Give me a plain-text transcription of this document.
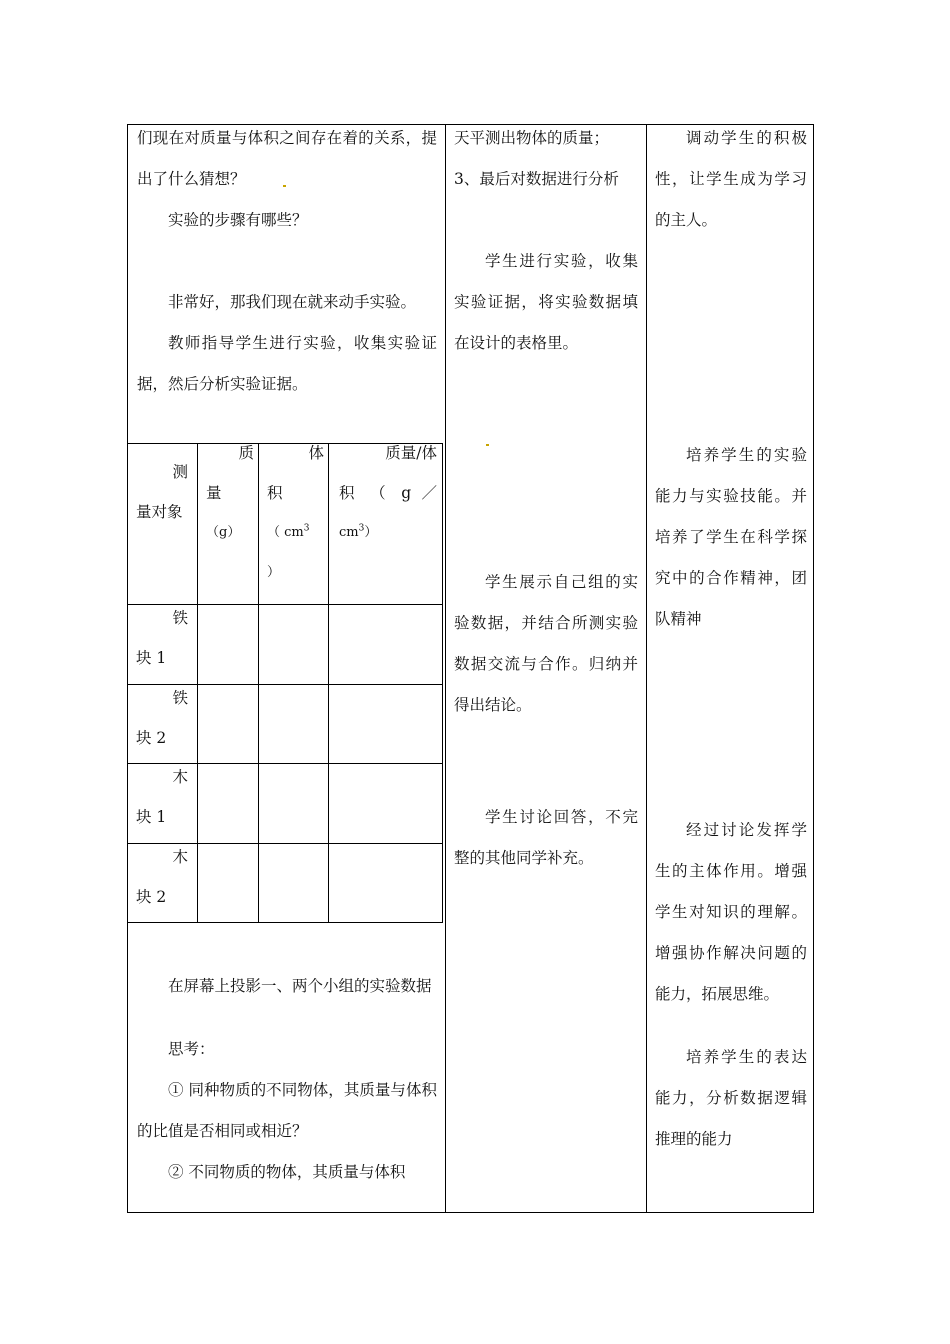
们现在对质量与体积之间存在着的关系，提出了什么猜想？

实验的步骤有哪些？

非常好，那我们现在就来动手实验。

教师指导学生进行实验，收集实验证据，然后分析实验证据。

测
量对象
质
量
（g）
体
积
（ $cm^3$
）
质量/体
积 （ g ／
$cm^3$）
铁
块 1
铁
块 2
木
块 1
木
块 2

在屏幕上投影一、两个小组的实验数据

思考：

① 同种物质的不同物体，其质量与体积的比值是否相同或相近？

② 不同物质的物体，其质量与体积

天平测出物体的质量；

3、最后对数据进行分析

学生进行实验，收集实验证据，将实验数据填在设计的表格里。

学生展示自己组的实验数据，并结合所测实验数据交流与合作。归纳并得出结论。

学生讨论回答，不完整的其他同学补充。

调动学生的积极性，让学生成为学习的主人。

培养学生的实验能力与实验技能。并培养了学生在科学探究中的合作精神，团队精神

经过讨论发挥学生的主体作用。增强学生对知识的理解。增强协作解决问题的能力，拓展思维。

培养学生的表达能力，分析数据逻辑推理的能力
